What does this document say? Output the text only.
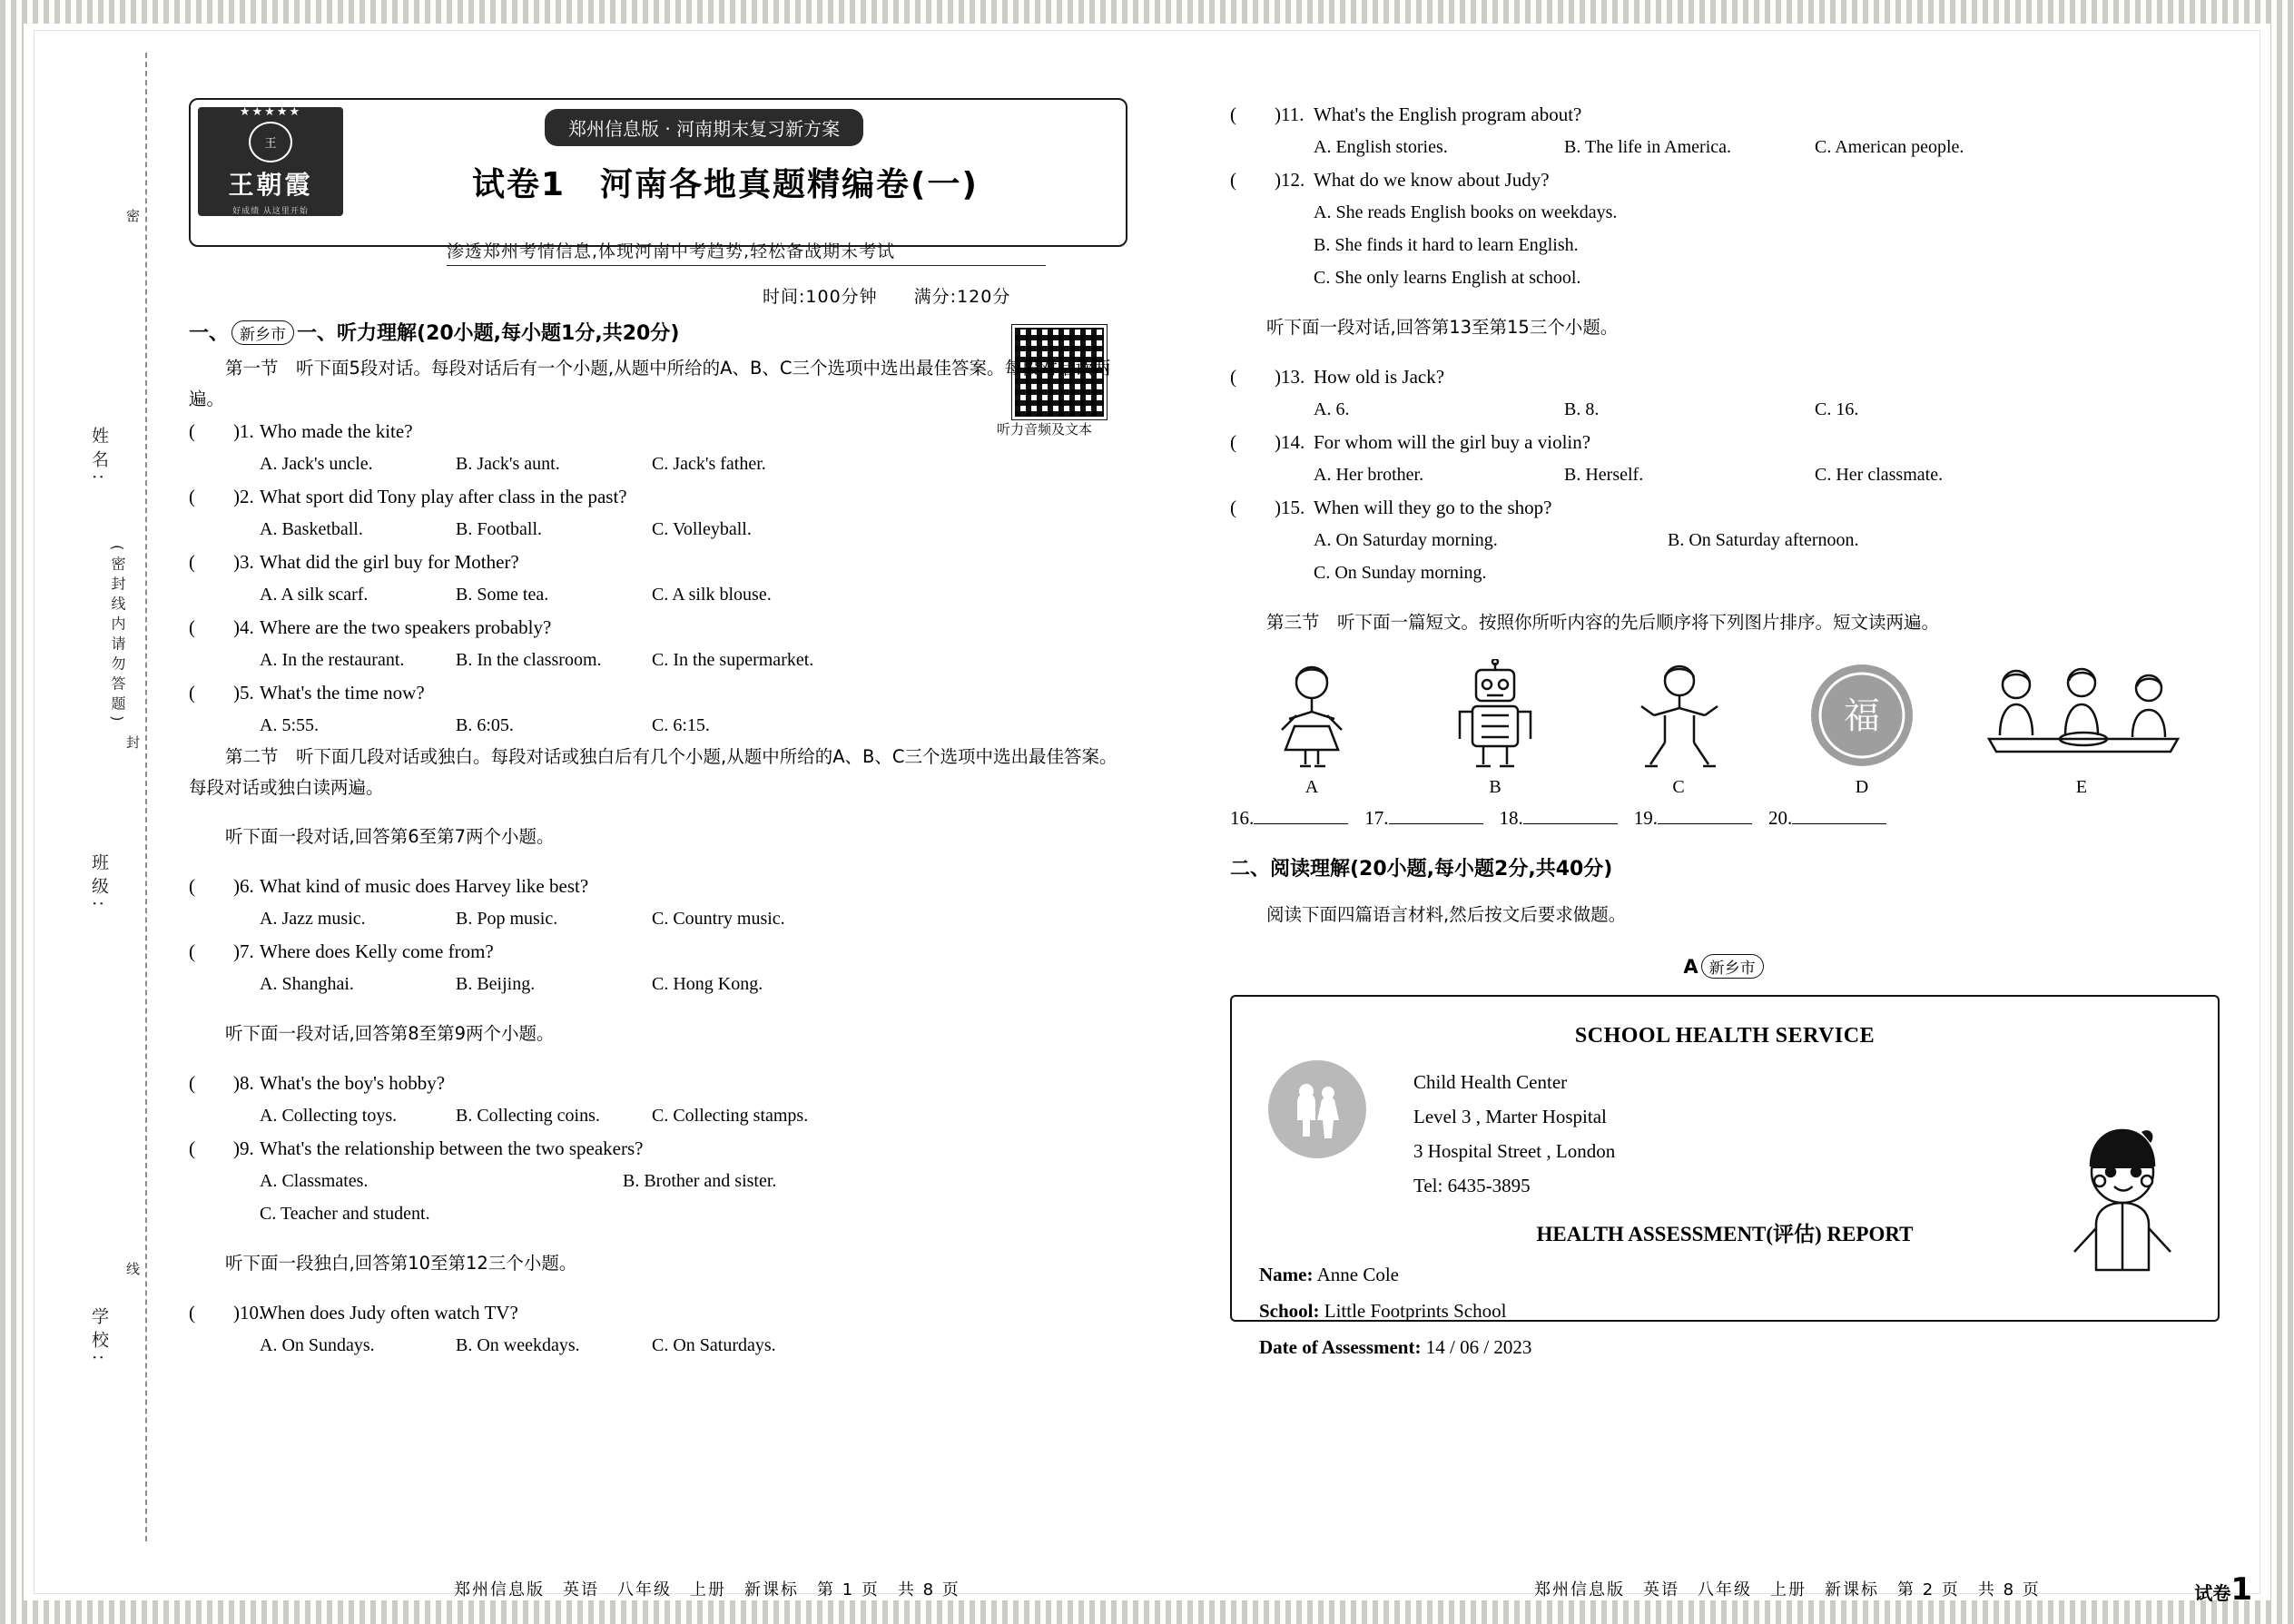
密
封
线
姓名:
(密封线内请勿答题)
班级:
学校:
★★★★★
王
王朝霞
好成绩 从这里开始
郑州信息版 · 河南期末复习新方案
试卷1　河南各地真题精编卷(一)
渗透郑州考情信息,体现河南中考趋势,轻松备战期末考试
时间:100分钟　　满分:120分
听力音频及文本
一、 新乡市 一、听力理解(20小题,每小题1分,共20分)

第一节　听下面5段对话。每段对话后有一个小题,从题中所给的A、B、C三个选项中选出最佳答案。每段对话读两遍。

(　　)1. Who made the kite?
A. Jack's uncle.	B. Jack's aunt.	C. Jack's father.
(　　)2. What sport did Tony play after class in the past?
A. Basketball.	B. Football.	C. Volleyball.
(　　)3. What did the girl buy for Mother?
A. A silk scarf.	B. Some tea.	C. A silk blouse.
(　　)4. Where are the two speakers probably?
A. In the restaurant.	B. In the classroom.	C. In the supermarket.
(　　)5. What's the time now?
A. 5:55.	B. 6:05.	C. 6:15.

第二节　听下面几段对话或独白。每段对话或独白后有几个小题,从题中所给的A、B、C三个选项中选出最佳答案。每段对话或独白读两遍。

听下面一段对话,回答第6至第7两个小题。

(　　)6. What kind of music does Harvey like best?
A. Jazz music.	B. Pop music.	C. Country music.
(　　)7. Where does Kelly come from?
A. Shanghai.	B. Beijing.	C. Hong Kong.

听下面一段对话,回答第8至第9两个小题。

(　　)8. What's the boy's hobby?
A. Collecting toys.	B. Collecting coins.	C. Collecting stamps.
(　　)9. What's the relationship between the two speakers?
A. Classmates.	B. Brother and sister.
C. Teacher and student.

听下面一段独白,回答第10至第12三个小题。

(　　)10.When does Judy often watch TV?
A. On Sundays.	B. On weekdays.	C. On Saturdays.
(　　)11. What's the English program about?
A. English stories.	B. The life in America.	C. American people.
(　　)12. What do we know about Judy?
A. She reads English books on weekdays.
B. She finds it hard to learn English.
C. She only learns English at school.

听下面一段对话,回答第13至第15三个小题。

(　　)13. How old is Jack?
A. 6.	B. 8.	C. 16.
(　　)14. For whom will the girl buy a violin?
A. Her brother.	B. Herself.	C. Her classmate.
(　　)15. When will they go to the shop?
A. On Saturday morning.	B. On Saturday afternoon.
C. On Sunday morning.

第三节　听下面一篇短文。按照你所听内容的先后顺序将下列图片排序。短文读两遍。

A	B	C
福
D	E
16.	17.	18.	19.	20.
二、阅读理解(20小题,每小题2分,共40分)

阅读下面四篇语言材料,然后按文后要求做题。

A 新乡市
SCHOOL HEALTH SERVICE
Child Health Center
Level 3 , Marter Hospital
3 Hospital Street , London
Tel: 6435-3895
HEALTH ASSESSMENT(评估) REPORT
Name: Anne Cole
School: Little Footprints School
Date of Assessment: 14 / 06 / 2023
郑州信息版　英语　八年级　上册　新课标　第 1 页　共 8 页	郑州信息版　英语　八年级　上册　新课标　第 2 页　共 8 页	试卷1
